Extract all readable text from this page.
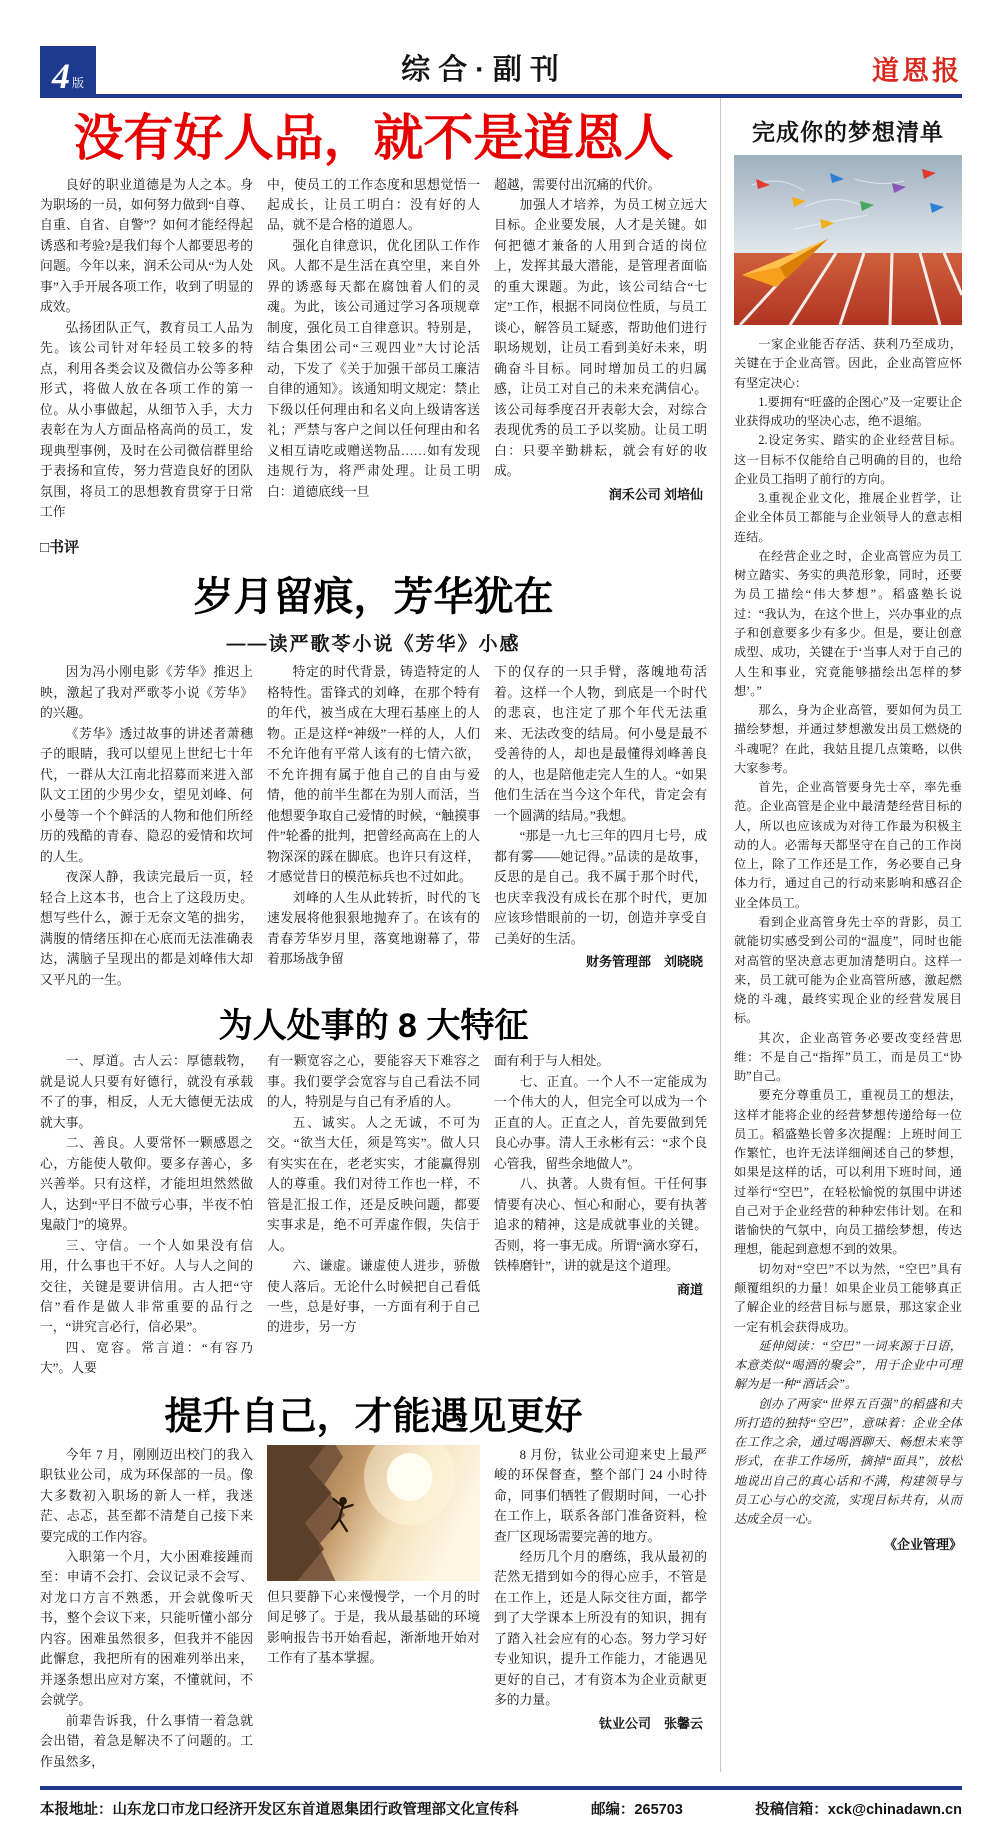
4 版	综合·副刊	道恩报
没有好人品，就不是道恩人

良好的职业道德是为人之本。身为职场的一员，如何努力做到“自尊、自重、自省、自警”？如何才能经得起诱惑和考验?是我们每个人都要思考的问题。今年以来，润禾公司从“为人处事”入手开展各项工作，收到了明显的成效。

弘扬团队正气，教育员工人品为先。该公司针对年轻员工较多的特点，利用各类会议及微信办公等多种形式，将做人放在各项工作的第一位。从小事做起，从细节入手，大力表彰在为人方面品格高尚的员工，发现典型事例，及时在公司微信群里给于表扬和宣传，努力营造良好的团队氛围，将员工的思想教育贯穿于日常工作

中，使员工的工作态度和思想觉悟一起成长，让员工明白：没有好的人品，就不是合格的道恩人。

强化自律意识，优化团队工作作风。人都不是生活在真空里，来自外界的诱惑每天都在腐蚀着人们的灵魂。为此，该公司通过学习各项规章制度，强化员工自律意识。特别是，结合集团公司“三观四业”大讨论活动，下发了《关于加强干部员工廉洁自律的通知》。该通知明文规定：禁止下级以任何理由和名义向上级请客送礼；严禁与客户之间以任何理由和名义相互请吃或赠送物品……如有发现违规行为，将严肃处理。让员工明白：道德底线一旦

超越，需要付出沉痛的代价。

加强人才培养，为员工树立远大目标。企业要发展，人才是关键。如何把德才兼备的人用到合适的岗位上，发挥其最大潜能，是管理者面临的重大课题。为此，该公司结合“七定”工作，根据不同岗位性质，与员工谈心，解答员工疑惑，帮助他们进行职场规划，让员工看到美好未来，明确奋斗目标。同时增加员工的归属感，让员工对自己的未来充满信心。该公司每季度召开表彰大会，对综合表现优秀的员工予以奖励。让员工明白：只要辛勤耕耘，就会有好的收成。

润禾公司 刘培仙
□书评
岁月留痕，芳华犹在
——读严歌苓小说《芳华》小感

因为冯小刚电影《芳华》推迟上映，激起了我对严歌苓小说《芳华》的兴趣。

《芳华》透过故事的讲述者萧穗子的眼睛，我可以望见上世纪七十年代，一群从大江南北招募而来进入部队文工团的少男少女，望见刘峰、何小曼等一个个鲜活的人物和他们所经历的残酷的青春、隐忍的爱情和坎坷的人生。

夜深人静，我读完最后一页，轻轻合上这本书，也合上了这段历史。想写些什么，源于无奈文笔的拙劣，满腹的情绪压抑在心底而无法准确表达，满脑子呈现出的都是刘峰伟大却又平凡的一生。

特定的时代背景，铸造特定的人格特性。雷锋式的刘峰，在那个特有的年代，被当成在大理石基座上的人物。正是这样“神级”一样的人，人们不允许他有平常人该有的七情六欲，不允许拥有属于他自己的自由与爱情，他的前半生都在为别人而活，当他想要争取自己爱情的时候，“触摸事件”轮番的批判，把曾经高高在上的人物深深的踩在脚底。也许只有这样，才感觉昔日的模范标兵也不过如此。

刘峰的人生从此转折，时代的飞速发展将他狠狠地抛弃了。在该有的青春芳华岁月里，落寞地谢幕了，带着那场战争留

下的仅存的一只手臂，落魄地苟活着。这样一个人物，到底是一个时代的悲哀，也注定了那个年代无法重来、无法改变的结局。何小曼是最不受善待的人，却也是最懂得刘峰善良的人，也是陪他走完人生的人。“如果他们生活在当今这个年代，肯定会有一个圆满的结局。”我想。

“那是一九七三年的四月七号，成都有雾——她记得。”品读的是故事，反思的是自己。我不属于那个时代，也庆幸我没有成长在那个时代，更加应该珍惜眼前的一切，创造并享受自己美好的生活。

财务管理部　刘晓晓
为人处事的 8 大特征

一、厚道。古人云：厚德载物，就是说人只要有好德行，就没有承载不了的事，相反，人无大德便无法成就大事。

二、善良。人要常怀一颗感恩之心，方能使人敬仰。要多存善心，多兴善举。只有这样，才能坦坦然然做人，达到“平日不做亏心事，半夜不怕鬼敲门”的境界。

三、守信。一个人如果没有信用，什么事也干不好。人与人之间的交往，关键是要讲信用。古人把“守信”看作是做人非常重要的品行之一，“讲究言必行，信必果”。

四、宽容。常言道：“有容乃大”。人要

有一颗宽容之心，要能容天下难容之事。我们要学会宽容与自己看法不同的人，特别是与自己有矛盾的人。

五、诚实。人之无诚，不可为交。“欲当大任，须是笃实”。做人只有实实在在，老老实实，才能赢得别人的尊重。我们对待工作也一样，不管是汇报工作，还是反映问题，都要实事求是，绝不可弄虚作假，失信于人。

六、谦虚。谦虚使人进步，骄傲使人落后。无论什么时候把自己看低一些，总是好事，一方面有利于自己的进步，另一方

面有利于与人相处。

七、正直。一个人不一定能成为一个伟大的人，但完全可以成为一个正直的人。正直之人，首先要做到凭良心办事。清人王永彬有云：“求个良心管我，留些余地做人”。

八、执著。人贵有恒。干任何事情要有决心、恒心和耐心，要有执著追求的精神，这是成就事业的关键。否则，将一事无成。所谓“滴水穿石，铁棒磨针”，讲的就是这个道理。

商道
提升自己，才能遇见更好

今年 7 月，刚刚迈出校门的我入职钛业公司，成为环保部的一员。像大多数初入职场的新人一样，我迷茫、忐忑，甚至都不清楚自己接下来要完成的工作内容。

入职第一个月，大小困难接踵而至：申请不会打、会议记录不会写、对龙口方言不熟悉，开会就像听天书，整个会议下来，只能听懂小部分内容。困难虽然很多，但我并不能因此懈怠，我把所有的困难列举出来，并逐条想出应对方案，不懂就问，不会就学。

前辈告诉我，什么事情一着急就会出错，着急是解决不了问题的。工作虽然多，

但只要静下心来慢慢学，一个月的时间足够了。于是，我从最基础的环境影响报告书开始看起，渐渐地开始对工作有了基本掌握。

8 月份，钛业公司迎来史上最严峻的环保督查，整个部门 24 小时待命，同事们牺牲了假期时间，一心扑在工作上，联系各部门准备资料，检查厂区现场需要完善的地方。

经历几个月的磨练，我从最初的茫然无措到如今的得心应手，不管是在工作上，还是人际交往方面，都学到了大学课本上所没有的知识，拥有了踏入社会应有的心态。努力学习好专业知识，提升工作能力，才能遇见更好的自己，才有资本为企业贡献更多的力量。

钛业公司　张馨云
完成你的梦想清单

一家企业能否存活、获利乃至成功，关键在于企业高管。因此，企业高管应怀有坚定决心：

1.要拥有“旺盛的企图心”及一定要让企业获得成功的坚决心志，绝不退缩。

2.设定务实、踏实的企业经营目标。这一目标不仅能给自己明确的目的，也给企业员工指明了前行的方向。

3.重视企业文化，推展企业哲学，让企业全体员工都能与企业领导人的意志相连结。

在经营企业之时，企业高管应为员工树立踏实、务实的典范形象，同时，还要为员工描绘“伟大梦想”。稻盛塾长说过：“我认为，在这个世上，兴办事业的点子和创意要多少有多少。但是，要让创意成型、成功，关键在于‘当事人对于自己的人生和事业，究竟能够描绘出怎样的梦想’。”

那么，身为企业高管，要如何为员工描绘梦想，并通过梦想激发出员工燃烧的斗魂呢？在此，我姑且提几点策略，以供大家参考。

首先，企业高管要身先士卒，率先垂范。企业高管是企业中最清楚经营目标的人，所以也应该成为对待工作最为积极主动的人。必需每天都坚守在自己的工作岗位上，除了工作还是工作，务必要自己身体力行，通过自己的行动来影响和感召企业全体员工。

看到企业高管身先士卒的背影，员工就能切实感受到公司的“温度”，同时也能对高管的坚决意志更加清楚明白。这样一来，员工就可能为企业高管所感，激起燃烧的斗魂，最终实现企业的经营发展目标。

其次，企业高管务必要改变经营思维：不是自己“指挥”员工，而是员工“协助”自己。

要充分尊重员工，重视员工的想法，这样才能将企业的经营梦想传递给每一位员工。稻盛塾长曾多次提醒：上班时间工作繁忙，也许无法详细阐述自己的梦想，如果是这样的话，可以利用下班时间，通过举行“空巴”，在轻松愉悦的氛围中讲述自己对于企业经营的种种宏伟计划。在和谐愉快的气氛中，向员工描绘梦想，传达理想，能起到意想不到的效果。

切勿对“空巴”不以为然，“空巴”具有颠覆组织的力量！如果企业员工能够真正了解企业的经营目标与愿景，那这家企业一定有机会获得成功。

延伸阅读：“空巴”一词来源于日语，本意类似“喝酒的聚会”，用于企业中可理解为是一种“酒话会”。

创办了两家“世界五百强”的稻盛和夫所打造的独特“空巴”，意味着：企业全体在工作之余，通过喝酒聊天、畅想未来等形式，在非工作场所，摘掉“面具”，放松地说出自己的真心话和不满，构建领导与员工心与心的交流，实现目标共有，从而达成全员一心。

《企业管理》
本报地址：山东龙口市龙口经济开发区东首道恩集团行政管理部文化宣传科	邮编：265703	投稿信箱：xck@chinadawn.cn
